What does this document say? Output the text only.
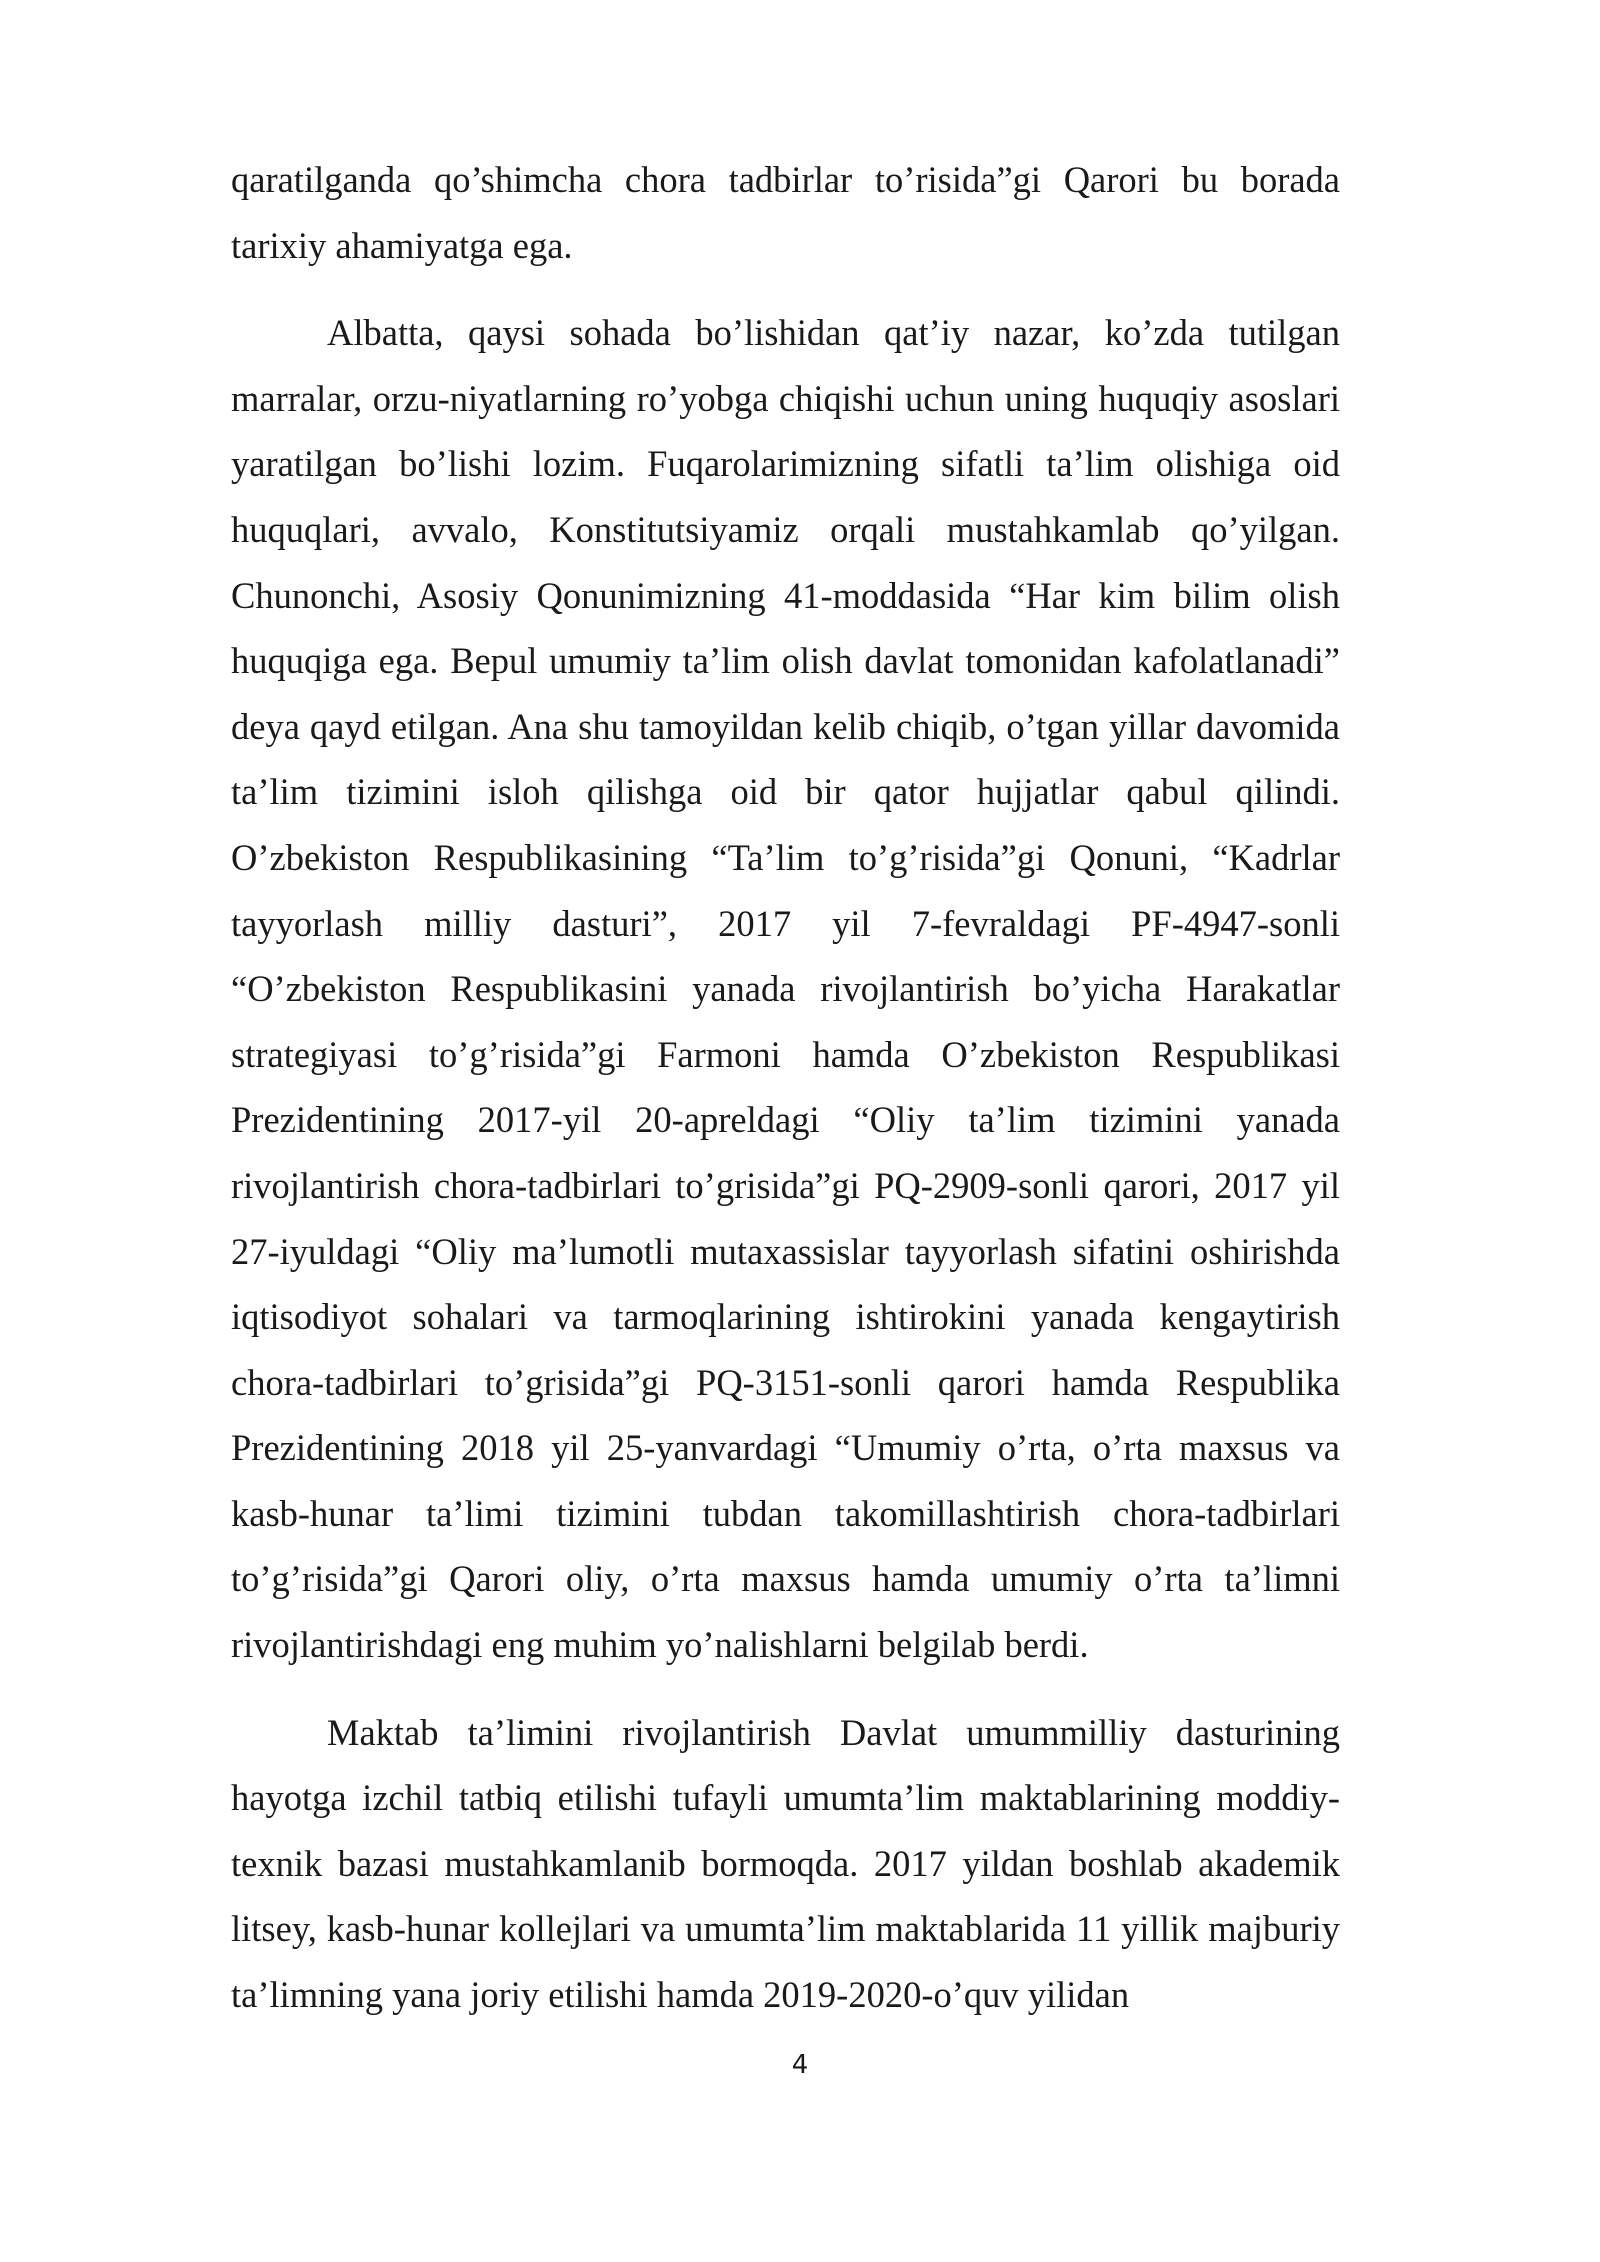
qaratilganda qo’shimcha chora tadbirlar to’risida”gi Qarori bu borada tarixiy ahamiyatga ega.

Albatta, qaysi sohada bo’lishidan qat’iy nazar, ko’zda tutilgan marralar, orzu-niyatlarning ro’yobga chiqishi uchun uning huquqiy asoslari yaratilgan bo’lishi lozim. Fuqarolarimizning sifatli ta’lim olishiga oid huquqlari, avvalo, Konstitutsiyamiz orqali mustahkamlab qo’yilgan. Chunonchi, Asosiy Qonunimizning 41-moddasida “Har kim bilim olish huquqiga ega. Bepul umumiy ta’lim olish davlat tomonidan kafolatlanadi” deya qayd etilgan. Ana shu tamoyildan kelib chiqib, o’tgan yillar davomida ta’lim tizimini isloh qilishga oid bir qator hujjatlar qabul qilindi. O’zbekiston Respublikasining “Ta’lim to’g’risida”gi Qonuni, “Kadrlar tayyorlash milliy dasturi”, 2017 yil 7-fevraldagi PF-4947-sonli “O’zbekiston Respublikasini yanada rivojlantirish bo’yicha Harakatlar strategiyasi to’g’risida”gi Farmoni hamda O’zbekiston Respublikasi Prezidentining 2017-yil 20-apreldagi “Oliy ta’lim tizimini yanada rivojlantirish chora-tadbirlari to’grisida”gi PQ-2909-sonli qarori, 2017 yil 27-iyuldagi “Oliy ma’lumotli mutaxassislar tayyorlash sifatini oshirishda iqtisodiyot sohalari va tarmoqlarining ishtirokini yanada kengaytirish chora-tadbirlari to’grisida”gi PQ-3151-sonli qarori hamda Respublika Prezidentining 2018 yil 25-yanvardagi “Umumiy o’rta, o’rta maxsus va kasb-hunar ta’limi tizimini tubdan takomillashtirish chora-tadbirlari to’g’risida”gi Qarori oliy, o’rta maxsus hamda umumiy o’rta ta’limni rivojlantirishdagi eng muhim yo’nalishlarni belgilab berdi.

Maktab ta’limini rivojlantirish Davlat umummilliy dasturining hayotga izchil tatbiq etilishi tufayli umumta’lim maktablarining moddiy-texnik bazasi mustahkamlanib bormoqda. 2017 yildan boshlab akademik litsey, kasb-hunar kollejlari va umumta’lim maktablarida 11 yillik majburiy ta’limning yana joriy etilishi hamda 2019-2020-o’quv yilidan

4
